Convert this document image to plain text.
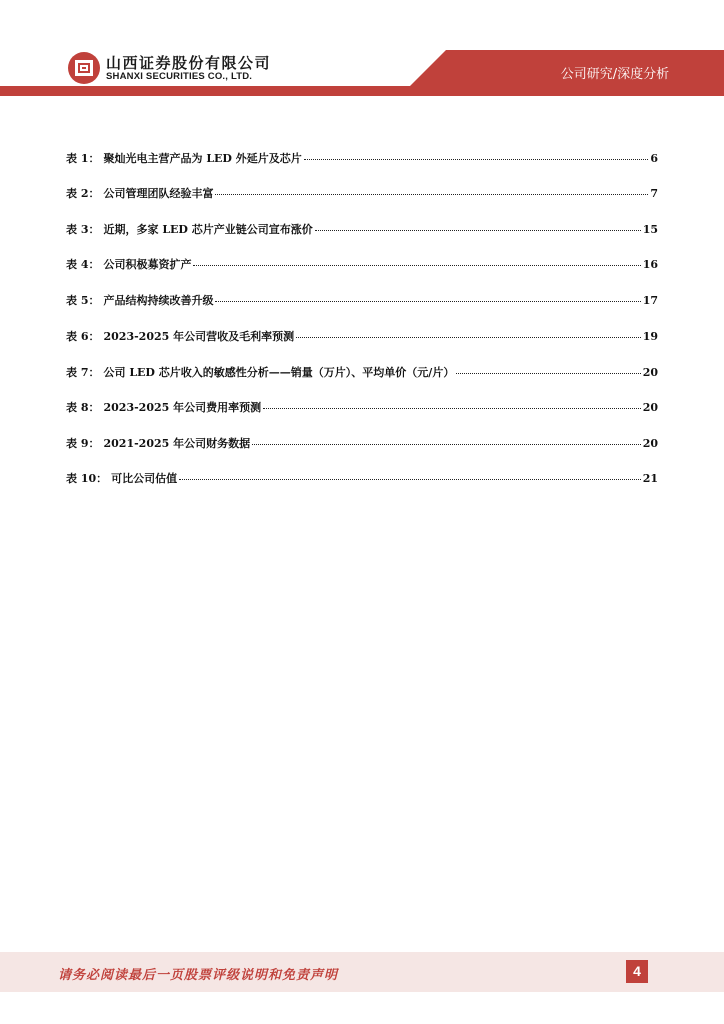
山西证券股份有限公司
SHANXI SECURITIES CO., LTD.	公司研究/深度分析
表 1： 聚灿光电主营产品为 LED 外延片及芯片	6
表 2： 公司管理团队经验丰富	7
表 3： 近期，多家 LED 芯片产业链公司宣布涨价	15
表 4： 公司积极募资扩产	16
表 5： 产品结构持续改善升级	17
表 6： 2023-2025 年公司营收及毛利率预测	19
表 7： 公司 LED 芯片收入的敏感性分析——销量（万片）、平均单价（元/片）	20
表 8： 2023-2025 年公司费用率预测	20
表 9： 2021-2025 年公司财务数据	20
表 10： 可比公司估值	21
请务必阅读最后一页股票评级说明和免责声明	4
